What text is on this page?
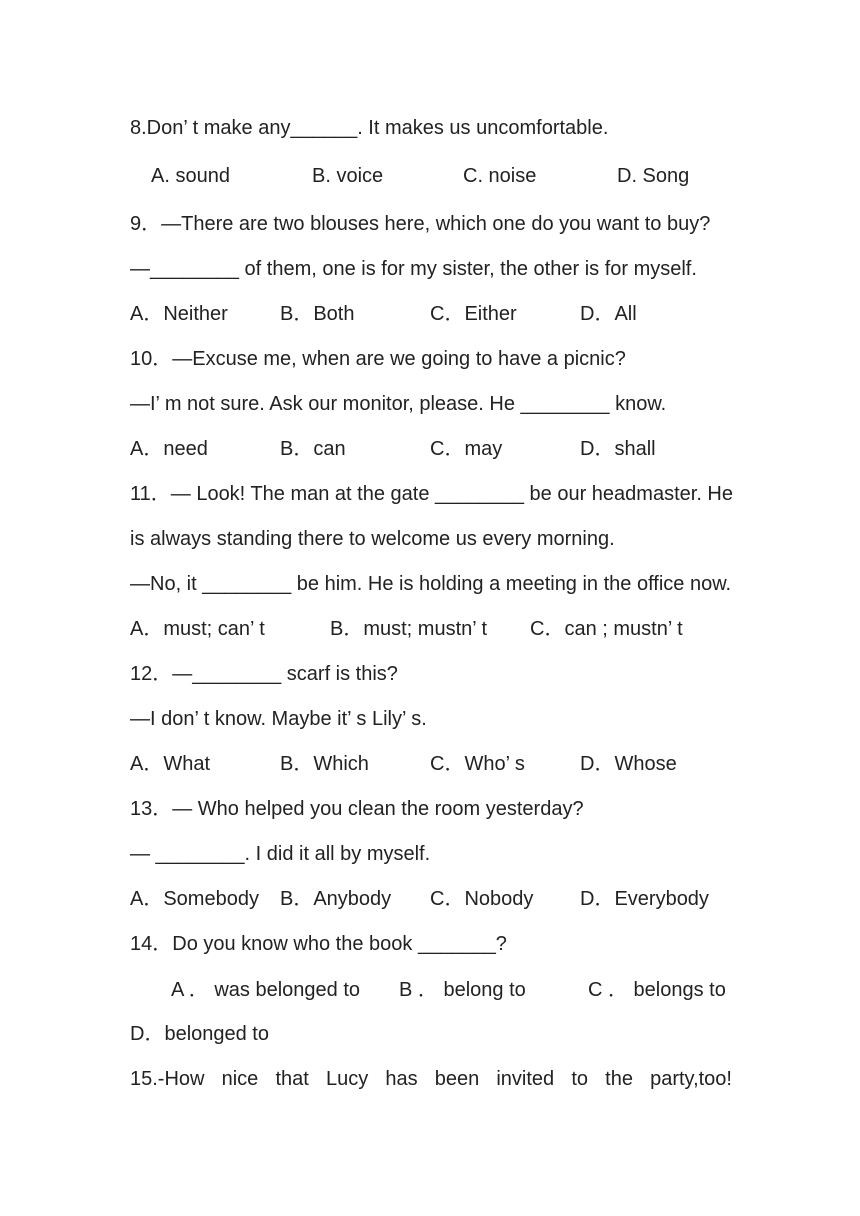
8.Don’ t make any______. It makes us uncomfortable.
A. sound	B. voice	C. noise	D. Song
9．—There are two blouses here, which one do you want to buy?
—________ of them, one is for my sister, the other is for myself.
A．Neither	B．Both	C．Either	D．All
10．—Excuse me, when are we going to have a picnic?
—I’ m not sure. Ask our monitor, please. He ________ know.
A．need	B．can	C．may	D．shall
11．— Look! The man at the gate ________ be our headmaster. He
is always standing there to welcome us every morning.
—No, it ________ be him. He is holding a meeting in the office now.
A．must; can’ t	B．must; mustn’ t C．can ; mustn’ t
12．—________ scarf is this?
—I don’ t know. Maybe it’ s Lily’ s.
A．What	B．Which	C．Who’ s	D．Whose
13．— Who helped you clean the room yesterday?
— ________. I did it all by myself.
A．Somebody B．Anybody C．Nobody D．Everybody
14．Do you know who the book _______?
A ． was belonged to B ． belong to	C ． belongs to
D．belonged to
15.-How nice that Lucy has been invited to the party,too!
